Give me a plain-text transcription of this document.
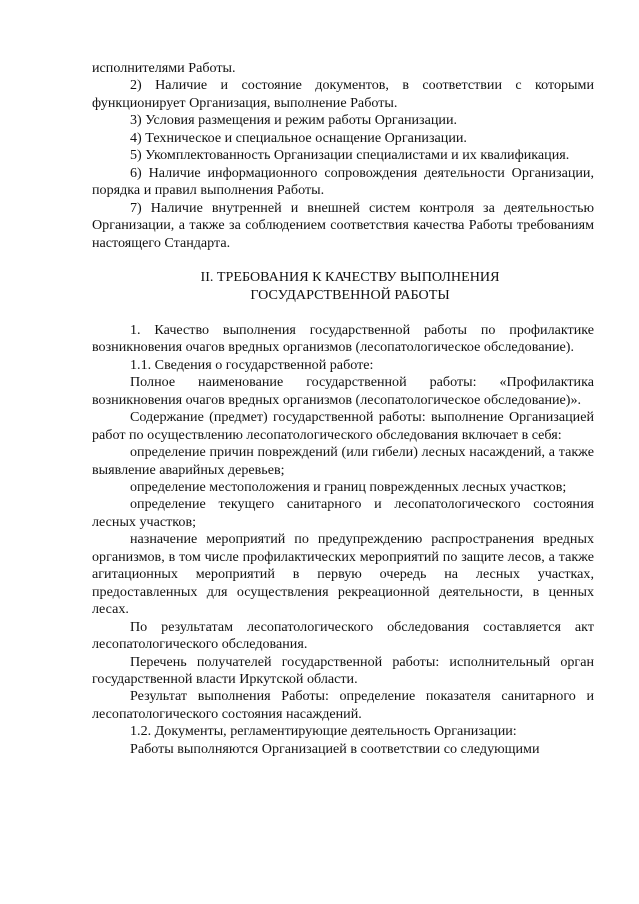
исполнителями Работы.

2) Наличие и состояние документов, в соответствии с которыми функционирует Организация, выполнение Работы.

3) Условия размещения и режим работы Организации.

4) Техническое и специальное оснащение Организации.

5) Укомплектованность Организации специалистами и их квалификация.

6) Наличие информационного сопровождения деятельности Организации, порядка и правил выполнения Работы.

7) Наличие внутренней и внешней систем контроля за деятельностью Организации, а также за соблюдением соответствия качества Работы требованиям настоящего Стандарта.

II. ТРЕБОВАНИЯ К КАЧЕСТВУ ВЫПОЛНЕНИЯ

ГОСУДАРСТВЕННОЙ РАБОТЫ

1. Качество выполнения государственной работы по профилактике возникновения очагов вредных организмов (лесопатологическое обследование).

1.1. Сведения о государственной работе:

Полное наименование государственной работы: «Профилактика возникновения очагов вредных организмов (лесопатологическое обследование)».

Содержание (предмет) государственной работы: выполнение Организацией работ по осуществлению лесопатологического обследования включает в себя:

определение причин повреждений (или гибели) лесных насаждений, а также выявление аварийных деревьев;

определение местоположения и границ поврежденных лесных участков;

определение текущего санитарного и лесопатологического состояния лесных участков;

назначение мероприятий по предупреждению распространения вредных организмов, в том числе профилактических мероприятий по защите лесов, а также агитационных мероприятий в первую очередь на лесных участках, предоставленных для осуществления рекреационной деятельности, в ценных лесах.

По результатам лесопатологического обследования составляется акт лесопатологического обследования.

Перечень получателей государственной работы: исполнительный орган государственной власти Иркутской области.

Результат выполнения Работы: определение показателя санитарного и лесопатологического состояния насаждений.

1.2. Документы, регламентирующие деятельность Организации:

Работы выполняются Организацией в соответствии со следующими
